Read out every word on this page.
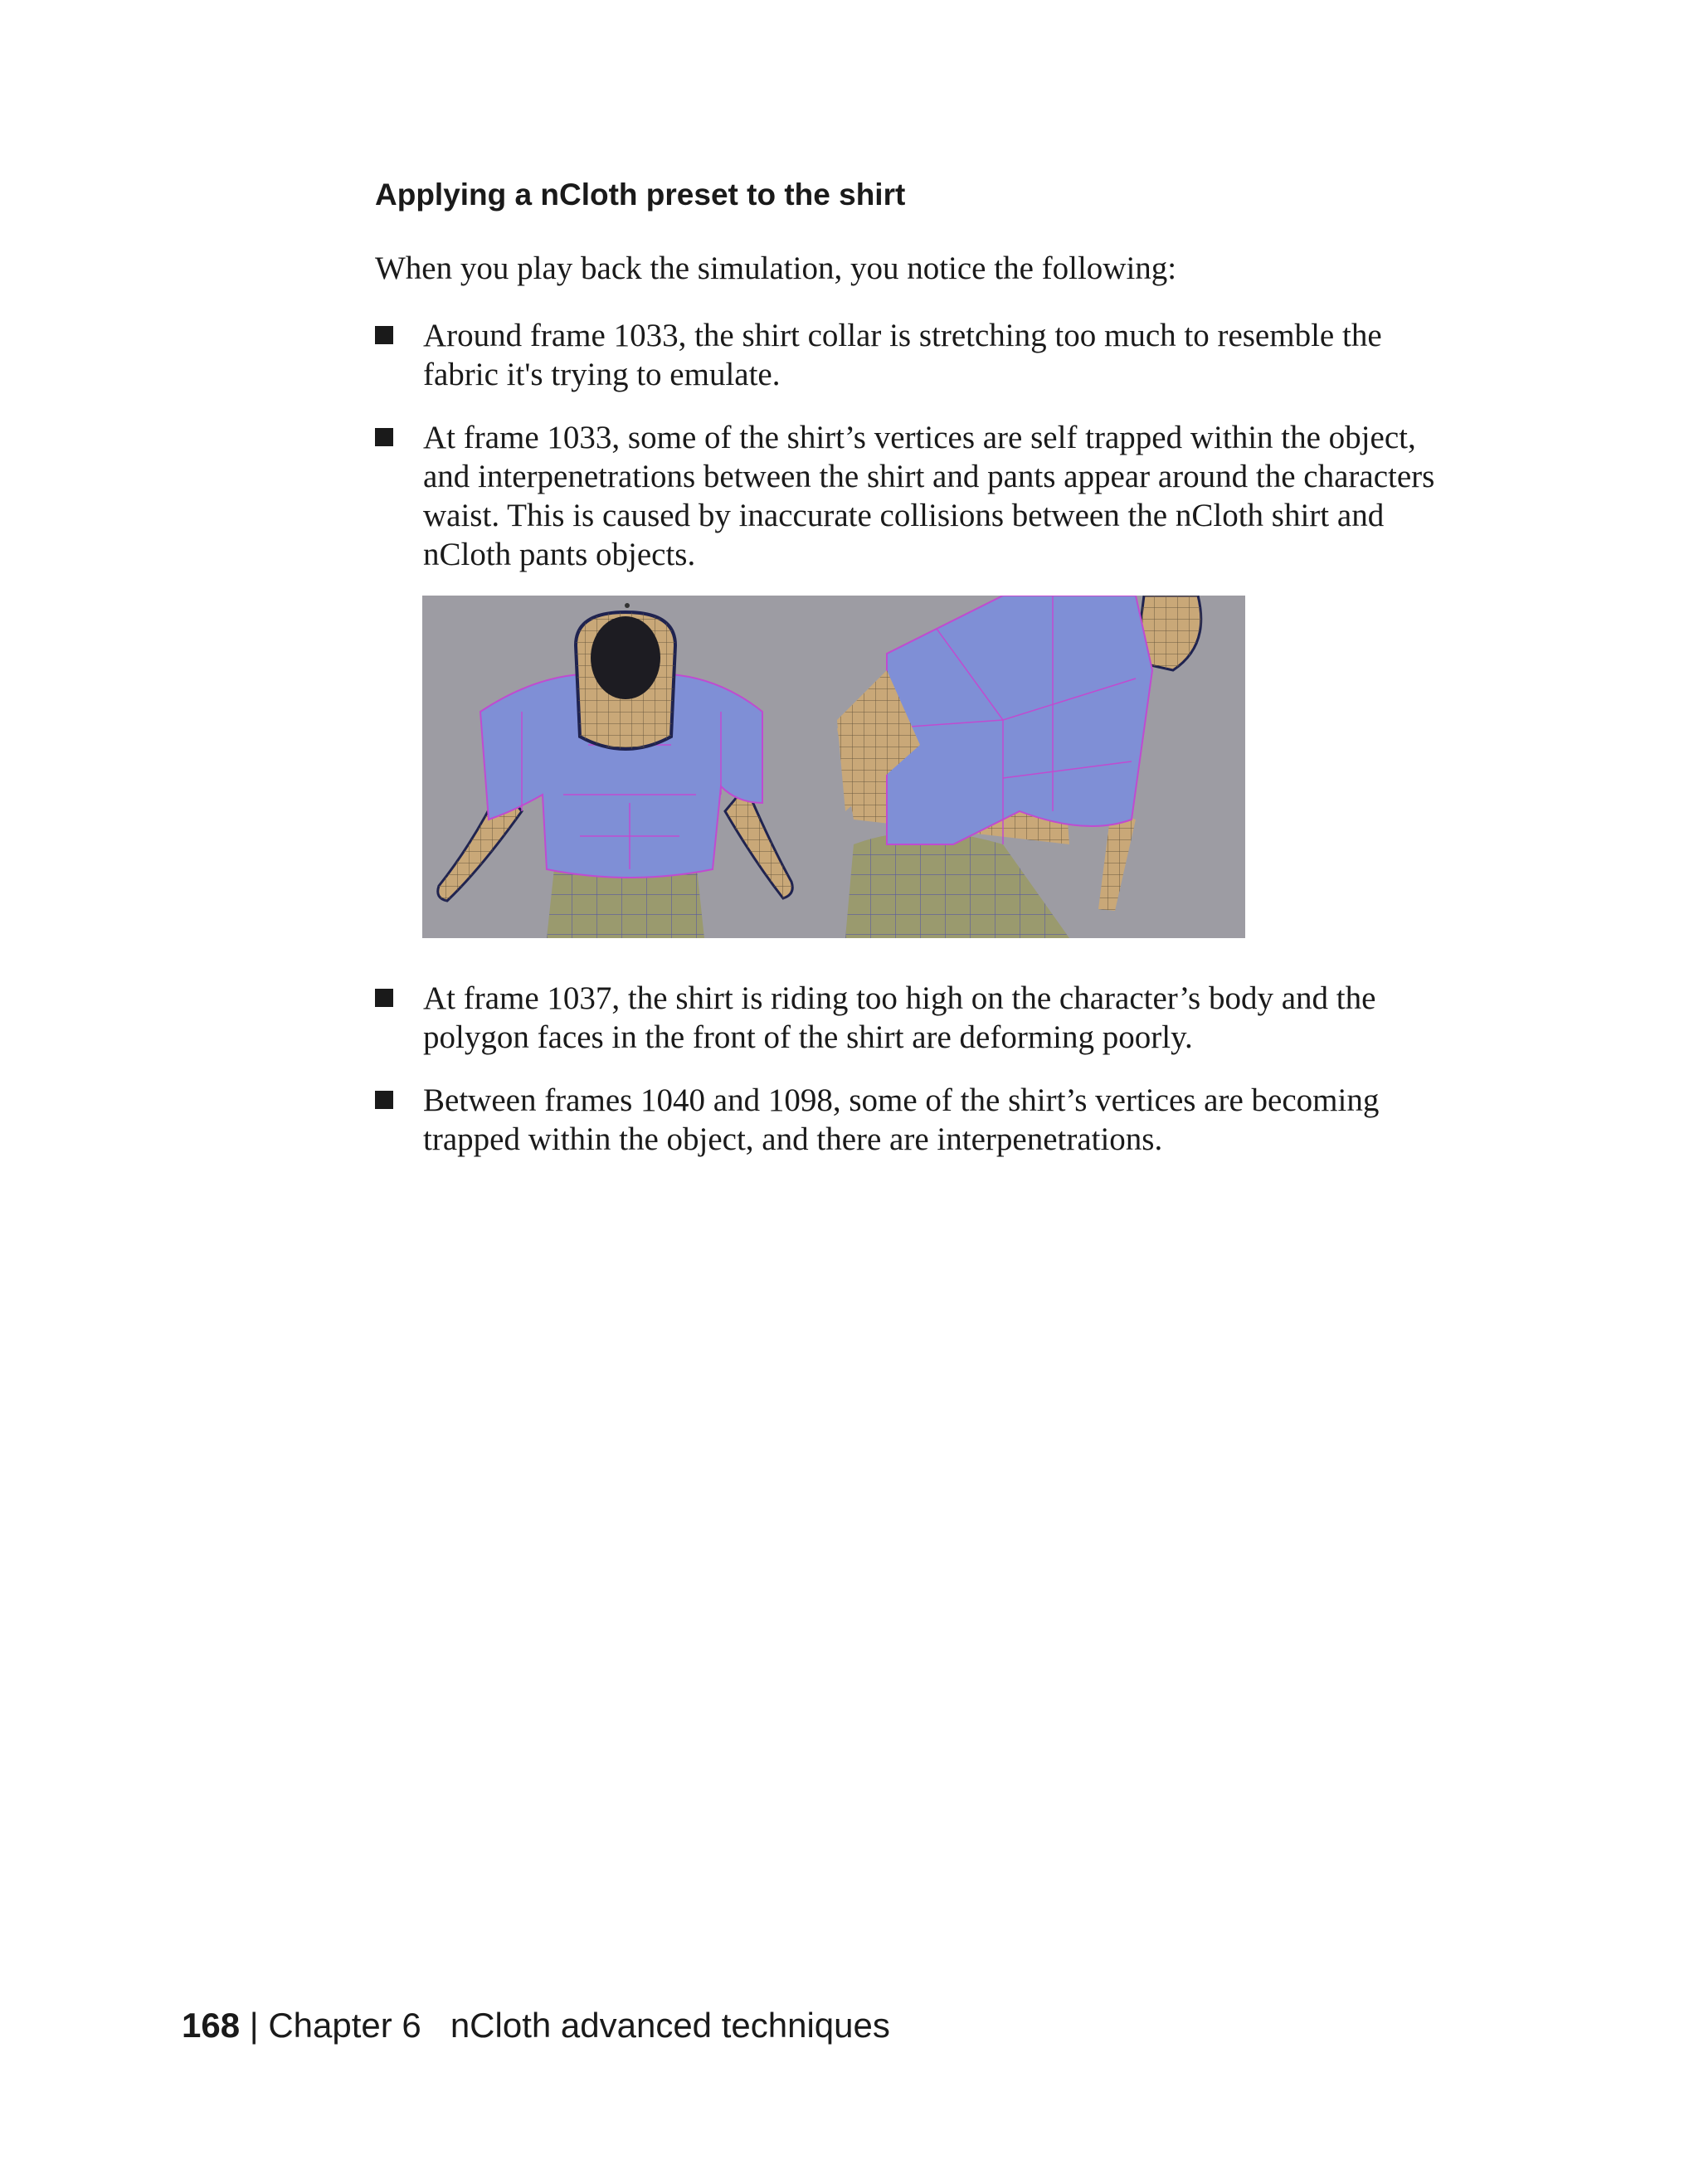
Applying a nCloth preset to the shirt

When you play back the simulation, you notice the following:

Around frame 1033, the shirt collar is stretching too much to resemble the fabric it's trying to emulate.
At frame 1033, some of the shirt’s vertices are self trapped within the object, and interpenetrations between the shirt and pants appear around the characters waist. This is caused by inaccurate collisions between the nCloth shirt and nCloth pants objects.
At frame 1037, the shirt is riding too high on the character’s body and the polygon faces in the front of the shirt are deforming poorly.
Between frames 1040 and 1098, some of the shirt’s vertices are becoming trapped within the object, and there are interpenetrations.
168 | Chapter 6 nCloth advanced techniques
